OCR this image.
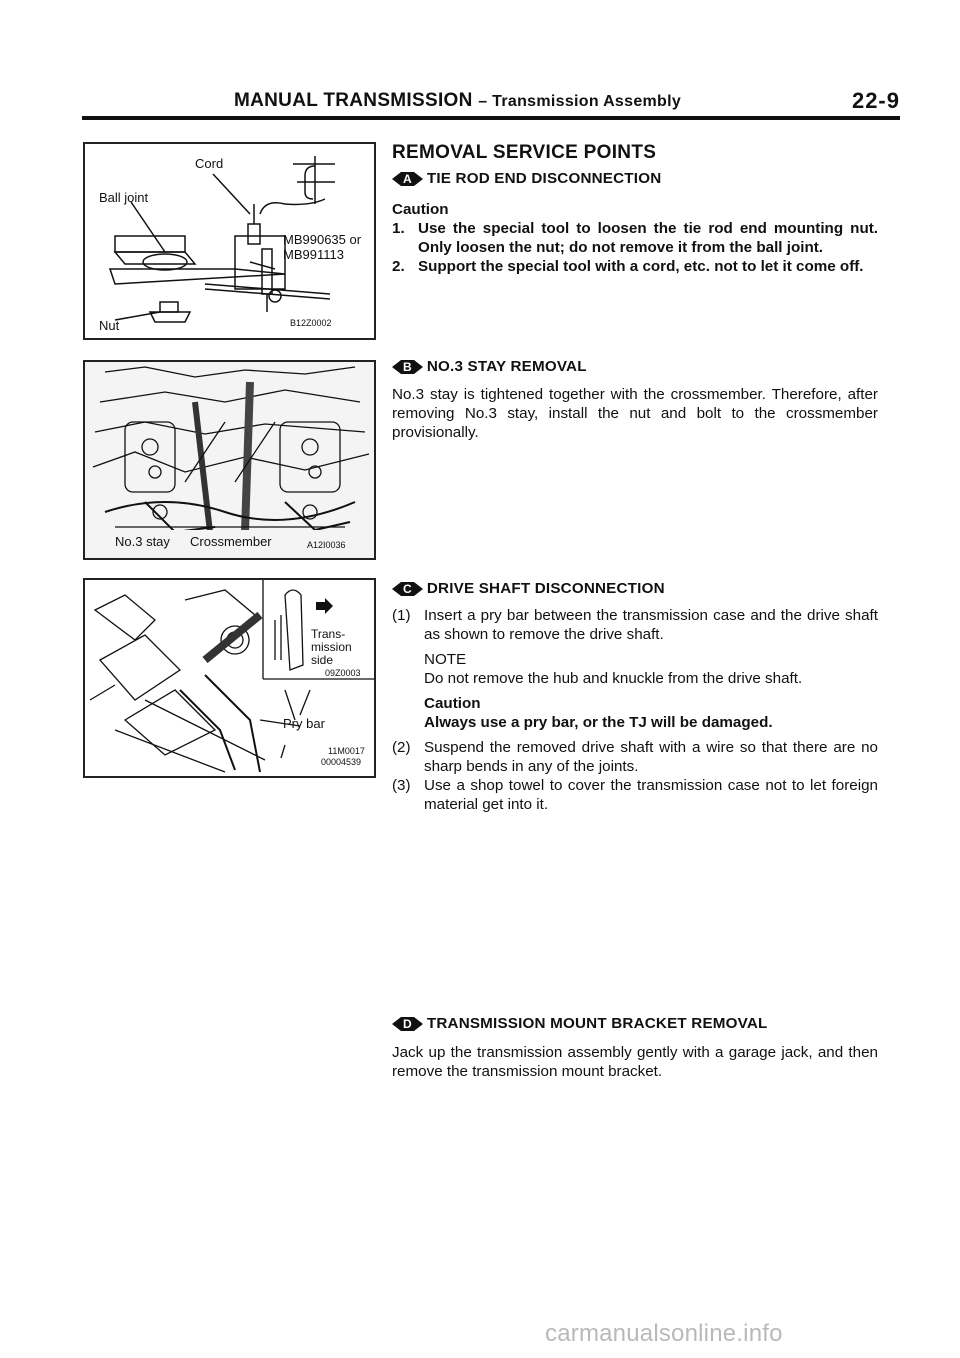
MANUAL TRANSMISSION – Transmission Assembly	22-9
Cord
Ball joint
MB990635 or
MB991113
Nut	B12Z0002
No.3 stay Crossmember	A12I0036
Trans-
mission
side
09Z0003
Pry bar
11M0017
00004539
REMOVAL SERVICE POINTS
A TIE ROD END DISCONNECTION

Caution

1. Use the special tool to loosen the tie rod end mounting nut. Only loosen the nut; do not remove it from the ball joint.
2. Support the special tool with a cord, etc. not to let it come off.
B NO.3 STAY REMOVAL

No.3 stay is tightened together with the crossmember. Therefore, after removing No.3 stay, install the nut and bolt to the crossmember provisionally.

C DRIVE SHAFT DISCONNECTION
(1) Insert a pry bar between the transmission case and the drive shaft as shown to remove the drive shaft.

NOTE

Do not remove the hub and knuckle from the drive shaft.

Caution

Always use a pry bar, or the TJ will be damaged.

(2) Suspend the removed drive shaft with a wire so that there are no sharp bends in any of the joints.
(3) Use a shop towel to cover the transmission case not to let foreign material get into it.
D TRANSMISSION MOUNT BRACKET REMOVAL

Jack up the transmission assembly gently with a garage jack, and then remove the transmission mount bracket.

carmanualsonline.info
